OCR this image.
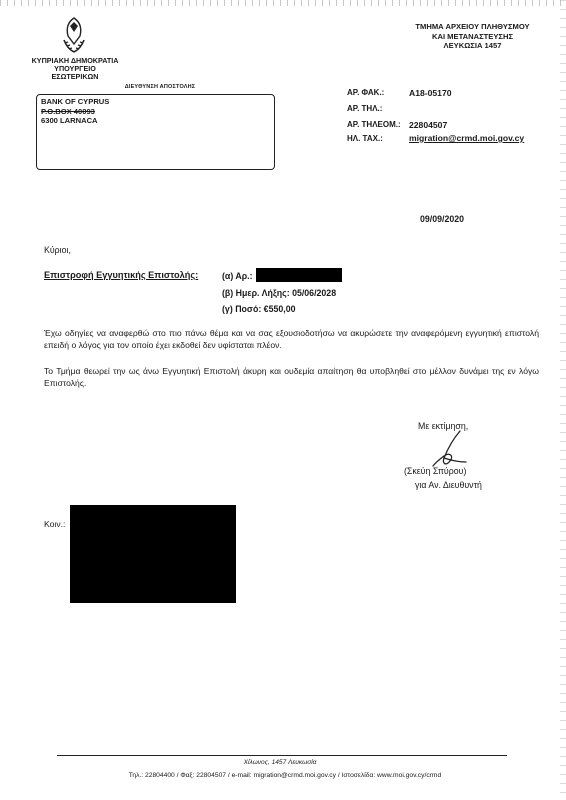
ΚΥΠΡΙΑΚΗ ΔΗΜΟΚΡΑΤΙΑ
ΥΠΟΥΡΓΕΙΟ ΕΣΩΤΕΡΙΚΩΝ
ΤΜΗΜΑ ΑΡΧΕΙΟΥ ΠΛΗΘΥΣΜΟΥ
ΚΑΙ ΜΕΤΑΝΑΣΤΕΥΣΗΣ
ΛΕΥΚΩΣΙΑ 1457
ΔΙΕΥΘΥΝΣΗ ΑΠΟΣΤΟΛΗΣ
BANK OF CYPRUS
P.O.BOX 40093
6300 LARNACA
ΑΡ. ΦΑΚ.:	A18-05170
ΑΡ. ΤΗΛ.:
ΑΡ. ΤΗΛΕΟΜ.: 22804507
ΗΛ. ΤΑΧ.:	migration@crmd.moi.gov.cy
09/09/2020
Κύριοι,
Επιστροφή Εγγυητικής Επιστολής:	(α) Αρ.:
(β) Ημερ. Λήξης: 05/06/2028
(γ) Ποσό: €550,00
Έχω οδηγίες να αναφερθώ στο πιο πάνω θέμα και να σας εξουσιοδοτήσω να ακυρώσετε την αναφερόμενη εγγυητική επιστολή επειδή ο λόγος για τον οποίο έχει εκδοθεί δεν υφίσταται πλέον.
Το Τμήμα θεωρεί την ως άνω Εγγυητική Επιστολή άκυρη και ουδεμία απαίτηση θα υποβληθεί στο μέλλον δυνάμει της εν λόγω Επιστολής.
Με εκτίμηση,
(Σκεύη Σπύρου)
για Αν. Διευθυντή
Κοιν.:
Χίλωνος, 1457 Λευκωσία
Τηλ.: 22804400 / Φαξ: 22804507 / e-mail: migration@crmd.moi.gov.cy / Ιστοσελίδα: www.moi.gov.cy/crmd
